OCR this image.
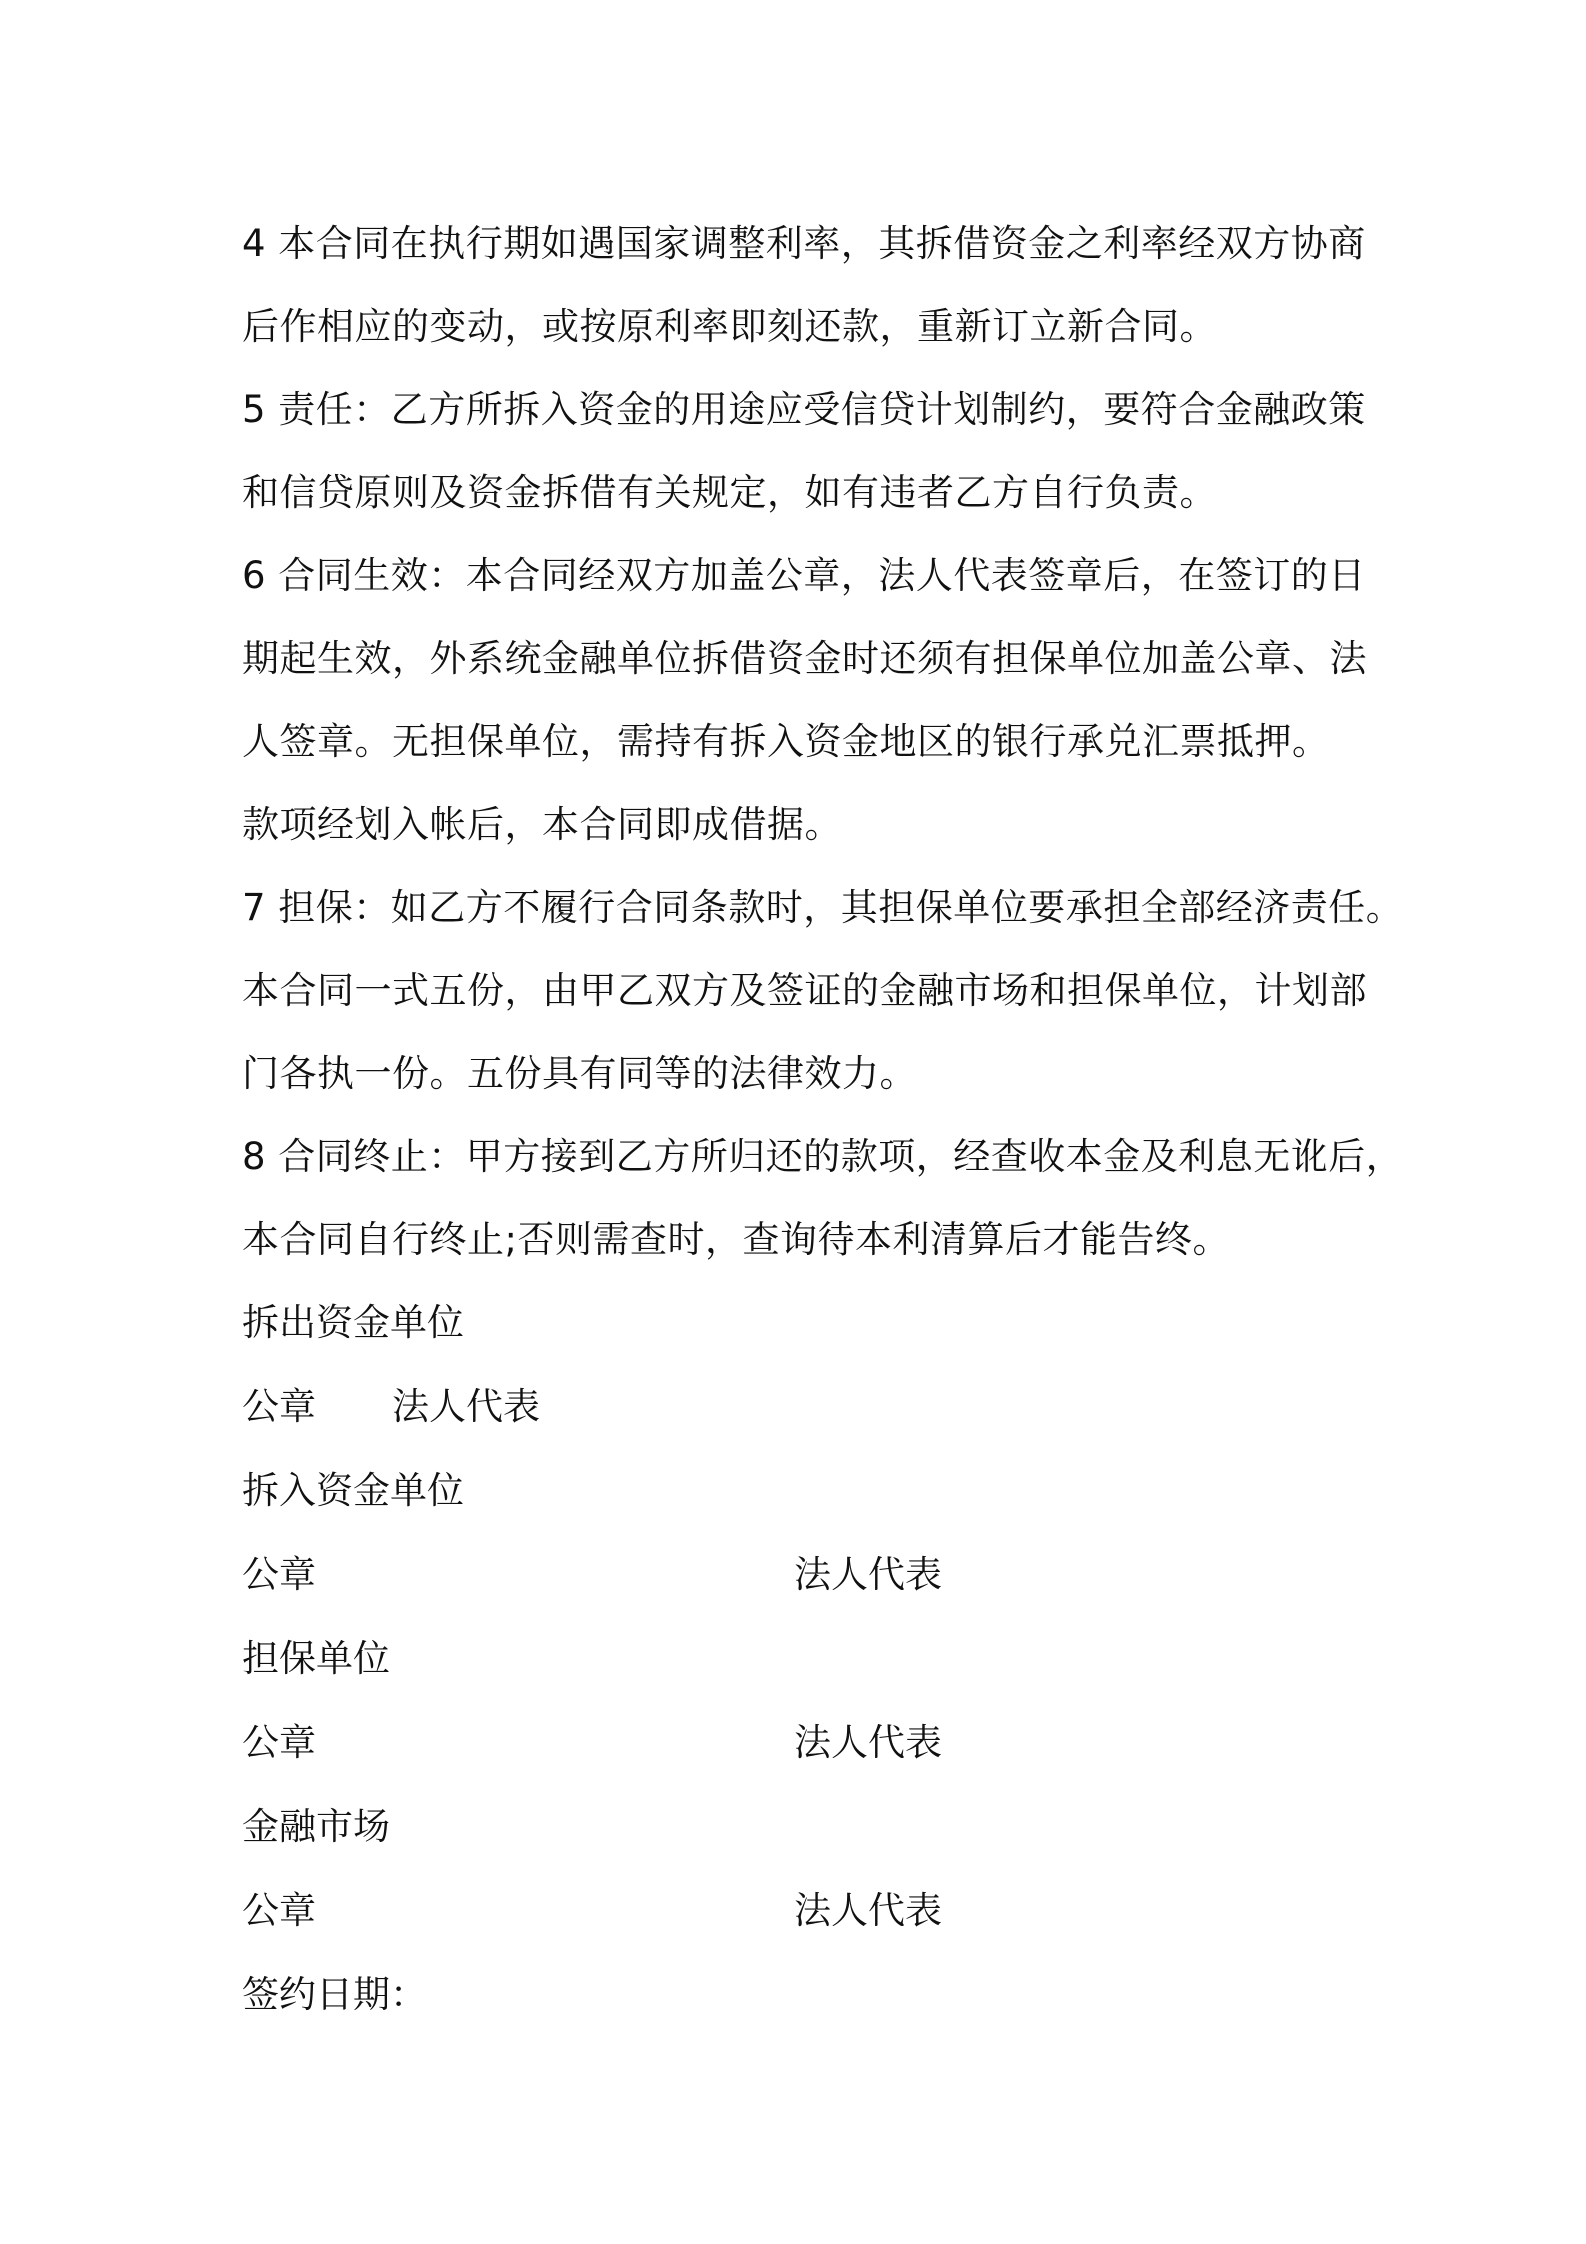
4 本合同在执行期如遇国家调整利率，其拆借资金之利率经双方协商
后作相应的变动，或按原利率即刻还款，重新订立新合同。
5 责任：乙方所拆入资金的用途应受信贷计划制约，要符合金融政策
和信贷原则及资金拆借有关规定，如有违者乙方自行负责。
6 合同生效：本合同经双方加盖公章，法人代表签章后，在签订的日
期起生效，外系统金融单位拆借资金时还须有担保单位加盖公章、法
人签章。无担保单位，需持有拆入资金地区的银行承兑汇票抵押。
款项经划入帐后，本合同即成借据。
7 担保：如乙方不履行合同条款时，其担保单位要承担全部经济责任。
本合同一式五份，由甲乙双方及签证的金融市场和担保单位，计划部
门各执一份。五份具有同等的法律效力。
8 合同终止：甲方接到乙方所归还的款项，经查收本金及利息无讹后，
本合同自行终止;否则需查时，查询待本利清算后才能告终。
拆出资金单位
公章 法人代表
拆入资金单位
公章	法人代表
担保单位
公章	法人代表
金融市场
公章	法人代表
签约日期：
